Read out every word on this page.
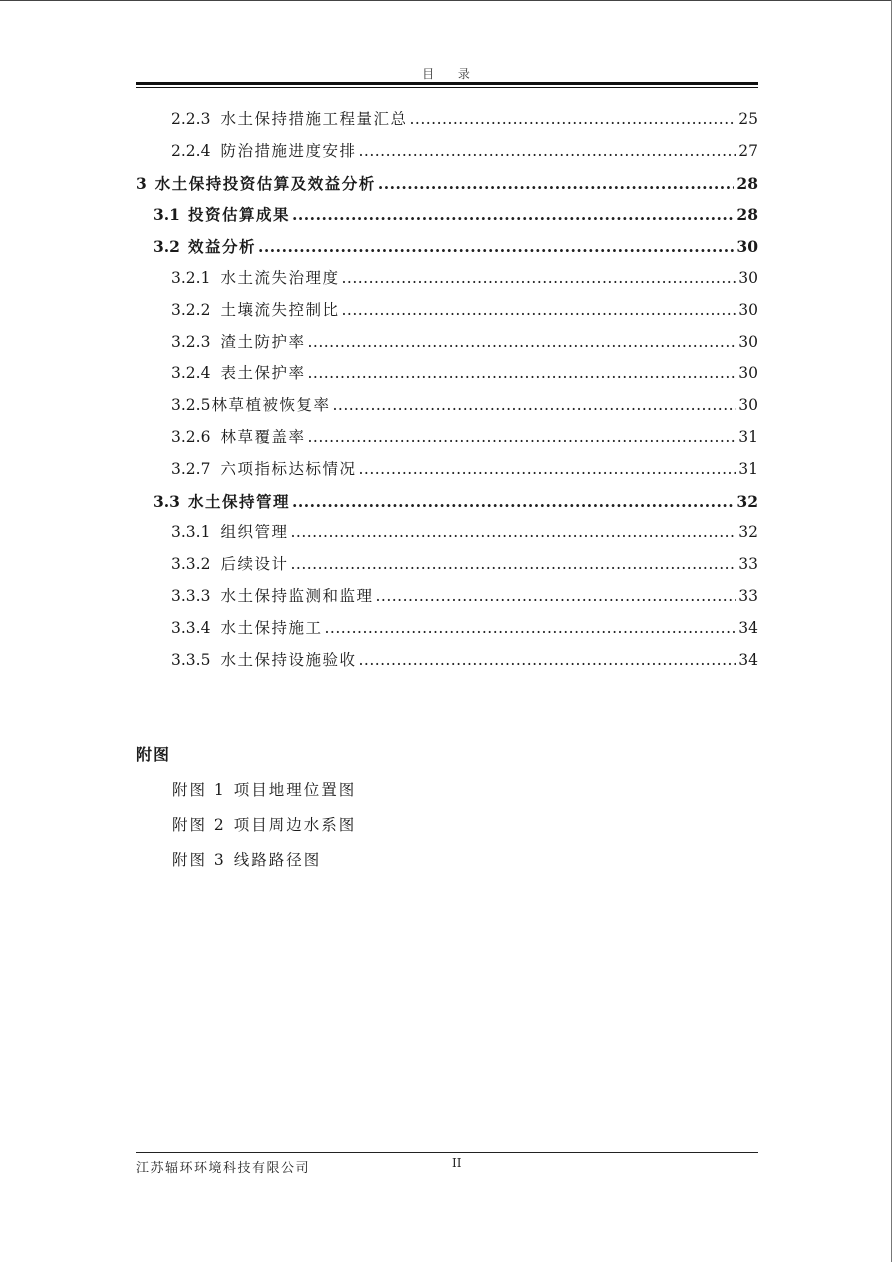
目 录
2.2.3 水土保持措施工程量汇总 .....	25
2.2.4 防治措施进度安排 .....	27
3 水土保持投资估算及效益分析 .....	28
3.1 投资估算成果 .....	28
3.2 效益分析 .....	30
3.2.1 水土流失治理度 .....	30
3.2.2 土壤流失控制比 .....	30
3.2.3 渣土防护率 .....	30
3.2.4 表土保护率 .....	30
3.2.5 林草植被恢复率 .....	30
3.2.6 林草覆盖率 .....	31
3.2.7 六项指标达标情况 .....	31
3.3 水土保持管理 .....	32
3.3.1 组织管理 .....	32
3.3.2 后续设计 .....	33
3.3.3 水土保持监测和监理 .....	33
3.3.4 水土保持施工 .....	34
3.3.5 水土保持设施验收 .....	34
附图
附图 1 项目地理位置图
附图 2 项目周边水系图
附图 3 线路路径图
江苏辐环环境科技有限公司	II
